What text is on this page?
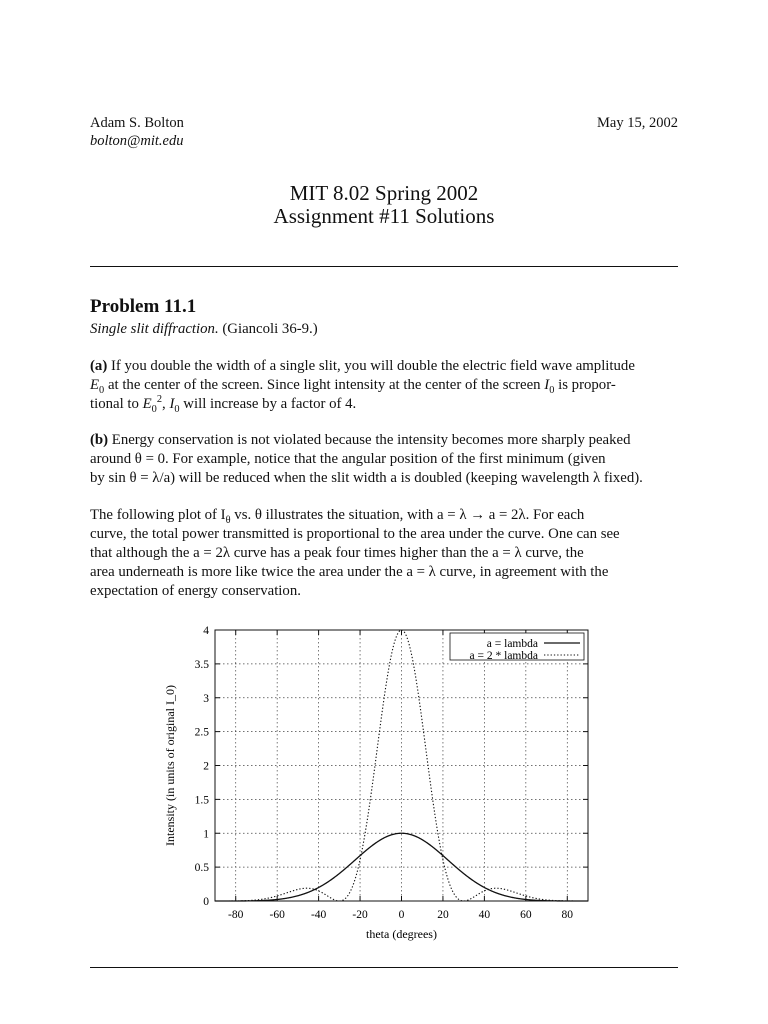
Adam S. Bolton
bolton@mit.edu
May 15, 2002
MIT 8.02 Spring 2002
Assignment #11 Solutions
Problem 11.1
Single slit diffraction. (Giancoli 36-9.)
(a) If you double the width of a single slit, you will double the electric field wave amplitude
$E_0$ at the center of the screen. Since light intensity at the center of the screen $I_0$ is propor-
tional to $E_0^2$, $I_0$ will increase by a factor of 4.
(b) Energy conservation is not violated because the intensity becomes more sharply peaked
around θ = 0. For example, notice that the angular position of the first minimum (given
by sin θ = λ/a) will be reduced when the slit width a is doubled (keeping wavelength λ fixed).
The following plot of $I_\theta$ vs. θ illustrates the situation, with a = λ → a = 2λ. For each
curve, the total power transmitted is proportional to the area under the curve. One can see
that although the a = 2λ curve has a peak four times higher than the a = λ curve, the
area underneath is more like twice the area under the a = λ curve, in agreement with the
expectation of energy conservation.
-80 -60 -40 -20	0	20	40	60	80
0
0.5
1
1.5
2
2.5
3
3.5
4
a = lambda
a = 2 * lambda
theta (degrees)
Intensity (in units of original I_0)
